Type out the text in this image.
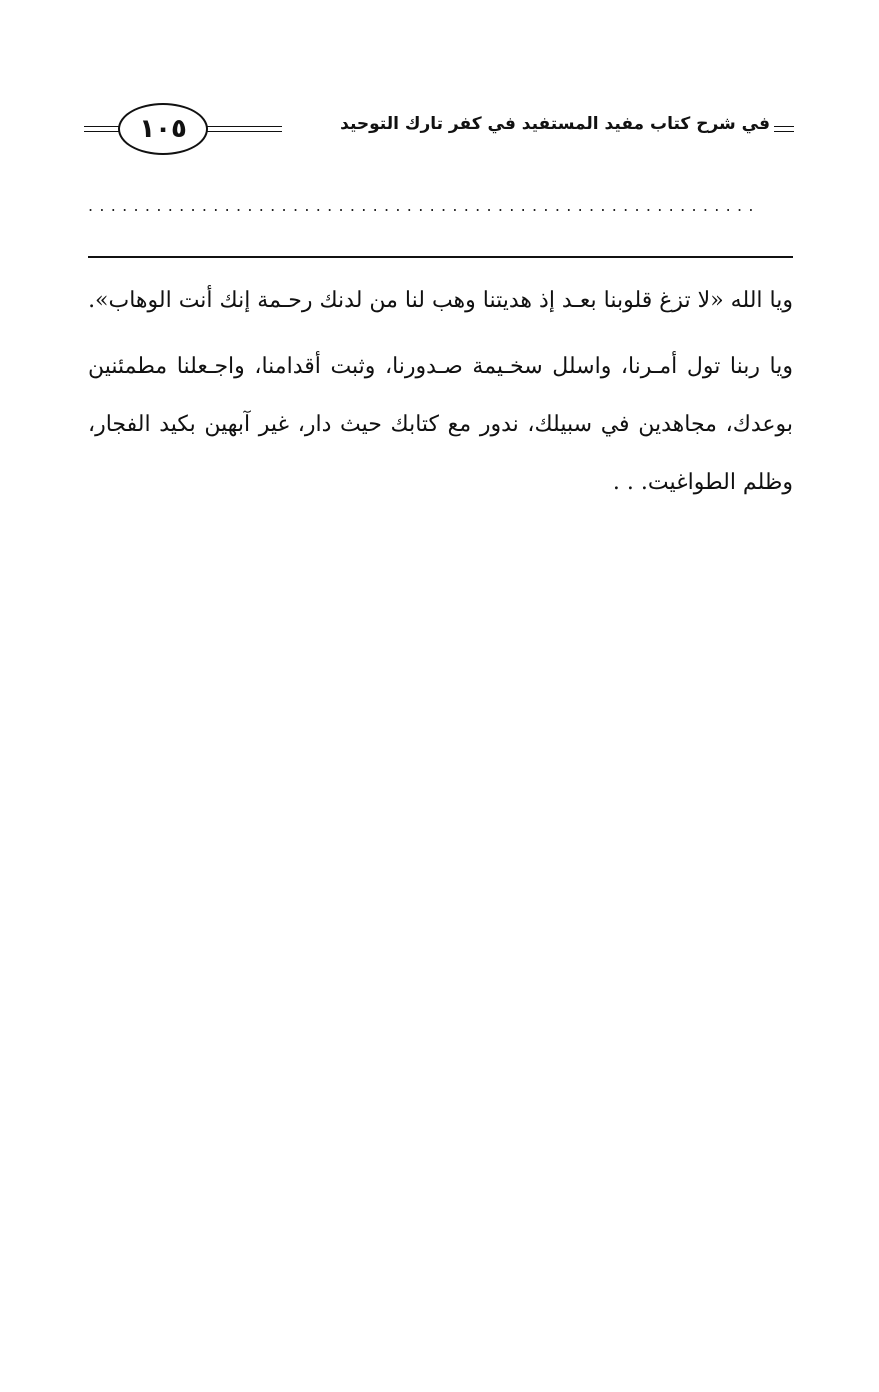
١٠٥	في شرح كتاب مفيد المستفيد في كفر تارك التوحيد
...........................................................

ويا الله «لا تزغ قلوبنا بعـد إذ هديتنا وهب لنا من لدنك رحـمة إنك أنت الوهاب».

ويا ربنا تول أمـرنا، واسلل سخـيمة صـدورنا، وثبت أقدامنا، واجـعلنا مطمئنين بوعدك، مجاهدين في سبيلك، ندور مع كتابك حيث دار، غير آبهين بكيد الفجار، وظلم الطواغيت. . .
